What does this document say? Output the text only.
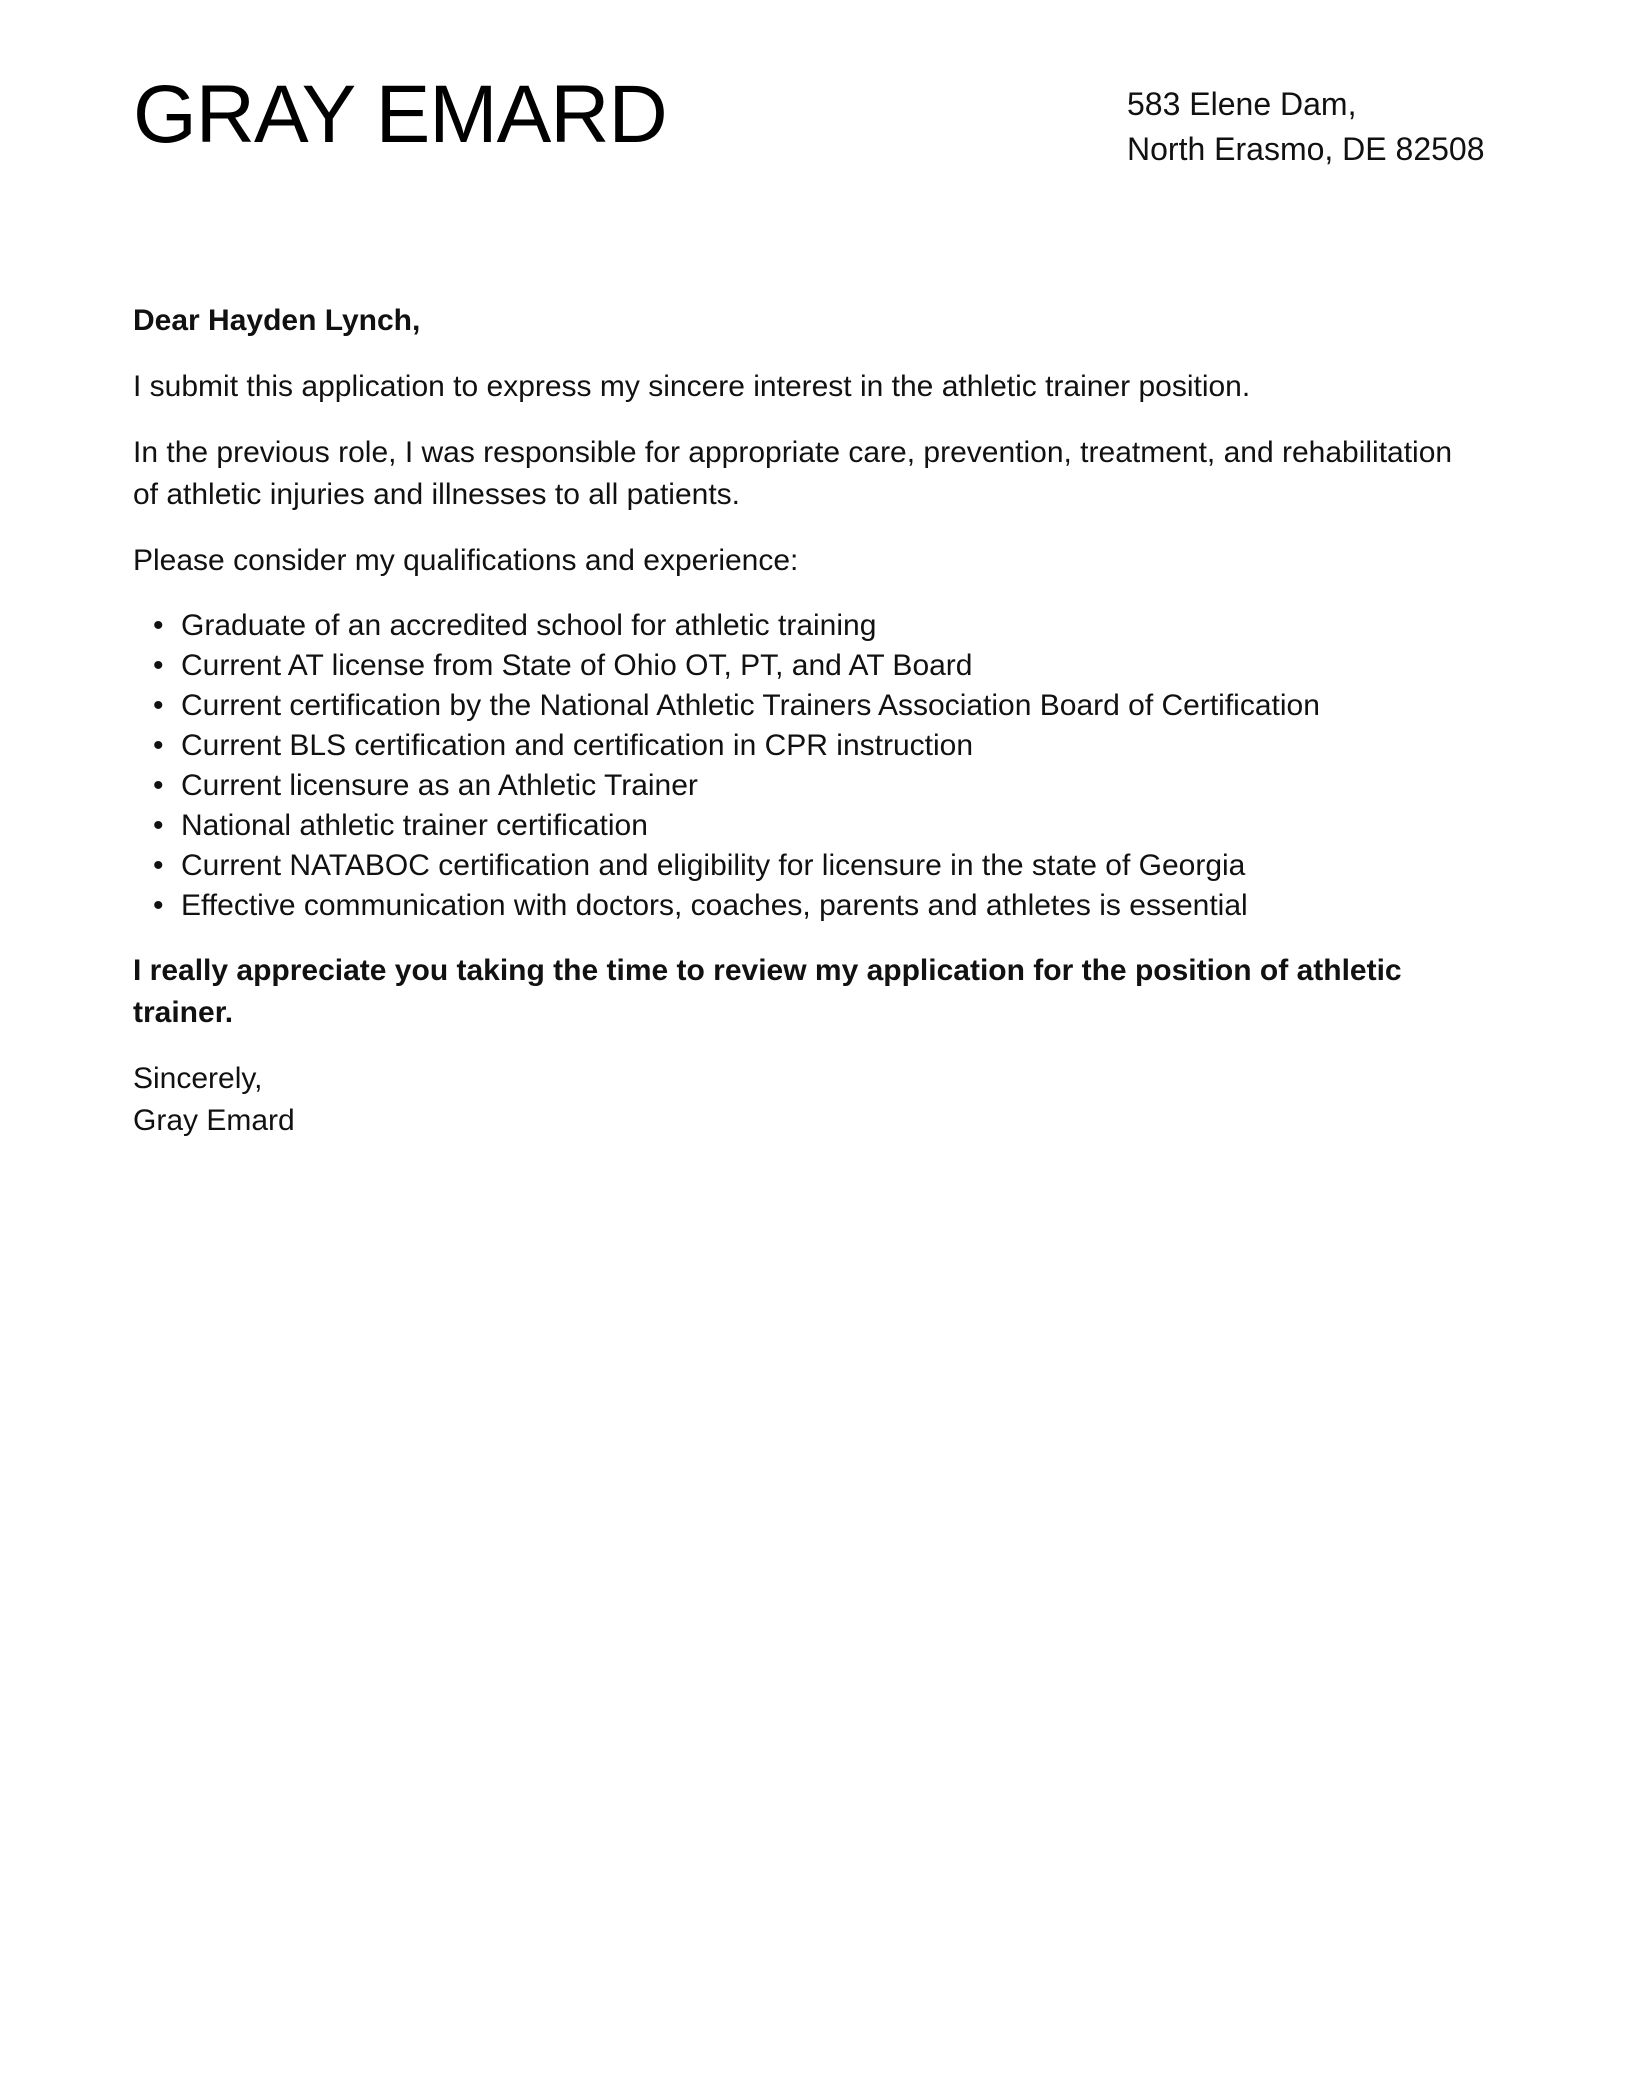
GRAY EMARD	583 Elene Dam,
North Erasmo, DE 82508

Dear Hayden Lynch,

I submit this application to express my sincere interest in the athletic trainer position.

In the previous role, I was responsible for appropriate care, prevention, treatment, and rehabilitation of athletic injuries and illnesses to all patients.

Please consider my qualifications and experience:

• Graduate of an accredited school for athletic training
• Current AT license from State of Ohio OT, PT, and AT Board
• Current certification by the National Athletic Trainers Association Board of Certification
• Current BLS certification and certification in CPR instruction
• Current licensure as an Athletic Trainer
• National athletic trainer certification
• Current NATABOC certification and eligibility for licensure in the state of Georgia
• Effective communication with doctors, coaches, parents and athletes is essential

I really appreciate you taking the time to review my application for the position of athletic trainer.

Sincerely,
Gray Emard
